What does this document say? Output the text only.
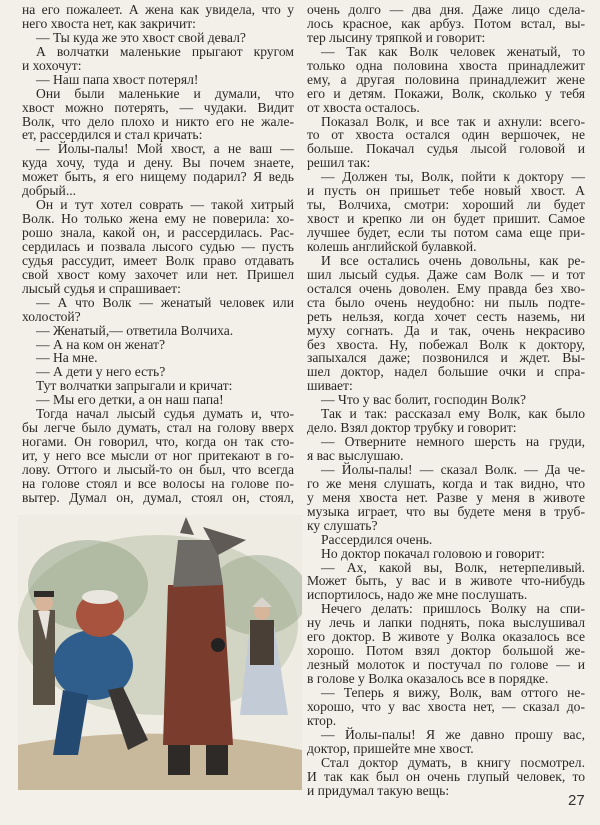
на его пожалеет. А жена как увидела, что у
него хвоста нет, как закричит:
— Ты куда же это хвост свой девал?
А волчатки маленькие прыгают кругом
и хохочут:
— Наш папа хвост потерял!
Они были маленькие и думали, что
хвост можно потерять, — чудаки. Видит
Волк, что дело плохо и никто его не жале-
ет, рассердился и стал кричать:
— Йолы-палы! Мой хвост, а не ваш —
куда хочу, туда и дену. Вы почем знаете,
может быть, я его нищему подарил? Я ведь
добрый...
Он и тут хотел соврать — такой хитрый
Волк. Но только жена ему не поверила: хо-
рошо знала, какой он, и рассердилась. Рас-
сердилась и позвала лысого судью — пусть
судья рассудит, имеет Волк право отдавать
свой хвост кому захочет или нет. Пришел
лысый судья и спрашивает:
— А что Волк — женатый человек или
холостой?
— Женатый,— ответила Волчиха.
— А на ком он женат?
— На мне.
— А дети у него есть?
Тут волчатки запрыгали и кричат:
— Мы его детки, а он наш папа!
Тогда начал лысый судья думать и, что-
бы легче было думать, стал на голову вверх
ногами. Он говорил, что, когда он так сто-
ит, у него все мысли от ног притекают в го-
лову. Оттого и лысый-то он был, что всегда
на голове стоял и все волосы на голове по-
вытер. Думал он, думал, стоял он, стоял,
очень долго — два дня. Даже лицо сдела-
лось красное, как арбуз. Потом встал, вы-
тер лысину тряпкой и говорит:
— Так как Волк человек женатый, то
только одна половина хвоста принадлежит
ему, а другая половина принадлежит жене
его и детям. Покажи, Волк, сколько у тебя
от хвоста осталось.
Показал Волк, и все так и ахнули: всего-
то от хвоста остался один вершочек, не
больше. Покачал судья лысой головой и
решил так:
— Должен ты, Волк, пойти к доктору —
и пусть он пришьет тебе новый хвост. А
ты, Волчиха, смотри: хороший ли будет
хвост и крепко ли он будет пришит. Самое
лучшее будет, если ты потом сама еще при-
колешь английской булавкой.
И все остались очень довольны, как ре-
шил лысый судья. Даже сам Волк — и тот
остался очень доволен. Ему правда без хво-
ста было очень неудобно: ни пыль подте-
реть нельзя, когда хочет сесть наземь, ни
муху согнать. Да и так, очень некрасиво
без хвоста. Ну, побежал Волк к доктору,
запыхался даже; позвонился и ждет. Вы-
шел доктор, надел большие очки и спра-
шивает:
— Что у вас болит, господин Волк?
Так и так: рассказал ему Волк, как было
дело. Взял доктор трубку и говорит:
— Отверните немного шерсть на груди,
я вас выслушаю.
— Йолы-палы! — сказал Волк. — Да че-
го же меня слушать, когда и так видно, что
у меня хвоста нет. Разве у меня в животе
музыка играет, что вы будете меня в труб-
ку слушать?
Рассердился очень.
Но доктор покачал головою и говорит:
— Ах, какой вы, Волк, нетерпеливый.
Может быть, у вас и в животе что-нибудь
испортилось, надо же мне послушать.
Нечего делать: пришлось Волку на спи-
ну лечь и лапки поднять, пока выслушивал
его доктор. В животе у Волка оказалось все
хорошо. Потом взял доктор большой же-
лезный молоток и постучал по голове — и
в голове у Волка оказалось все в порядке.
— Теперь я вижу, Волк, вам оттого не-
хорошо, что у вас хвоста нет, — сказал до-
ктор.
— Йолы-палы! Я же давно прошу вас,
доктор, пришейте мне хвост.
Стал доктор думать, в книгу посмотрел.
И так как был он очень глупый человек, то
и придумал такую вещь:
27
